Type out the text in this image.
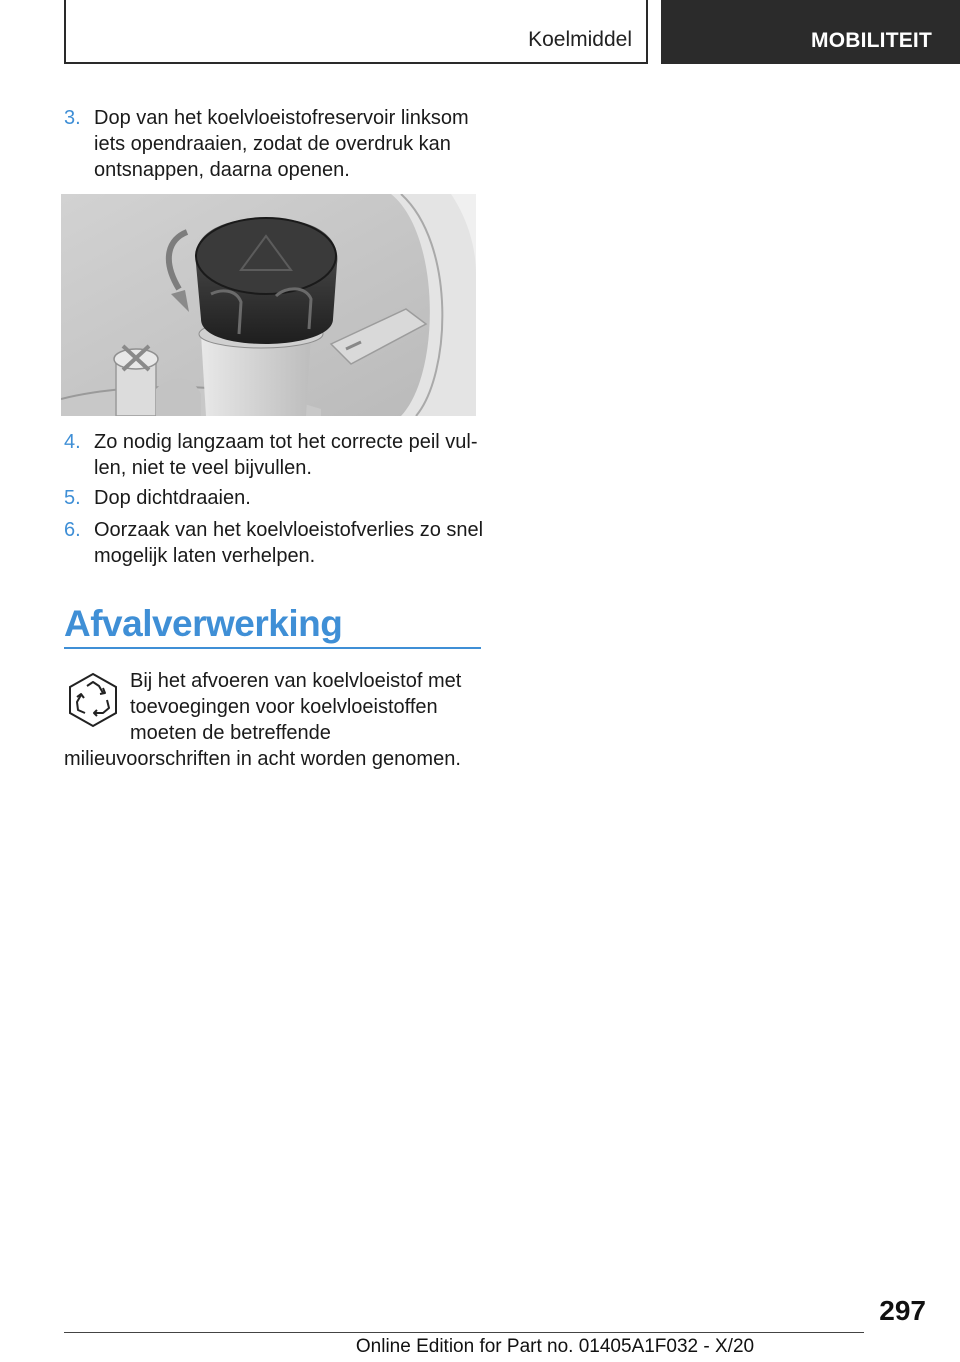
Koelmiddel	MOBILITEIT
3. Dop van het koelvloeistofreservoir linksom iets opendraaien, zodat de overdruk kan ontsnappen, daarna openen.
4. Zo nodig langzaam tot het correcte peil vullen, niet te veel bijvullen.
5. Dop dichtdraaien.
6. Oorzaak van het koelvloeistofverlies zo snel mogelijk laten verhelpen.
Afvalverwerking
Bij het afvoeren van koelvloeistof met toevoegingen voor koelvloeistoffen moeten de betreffende milieuvoorschriften in acht worden genomen.
297
Online Edition for Part no. 01405A1F032 - X/20
